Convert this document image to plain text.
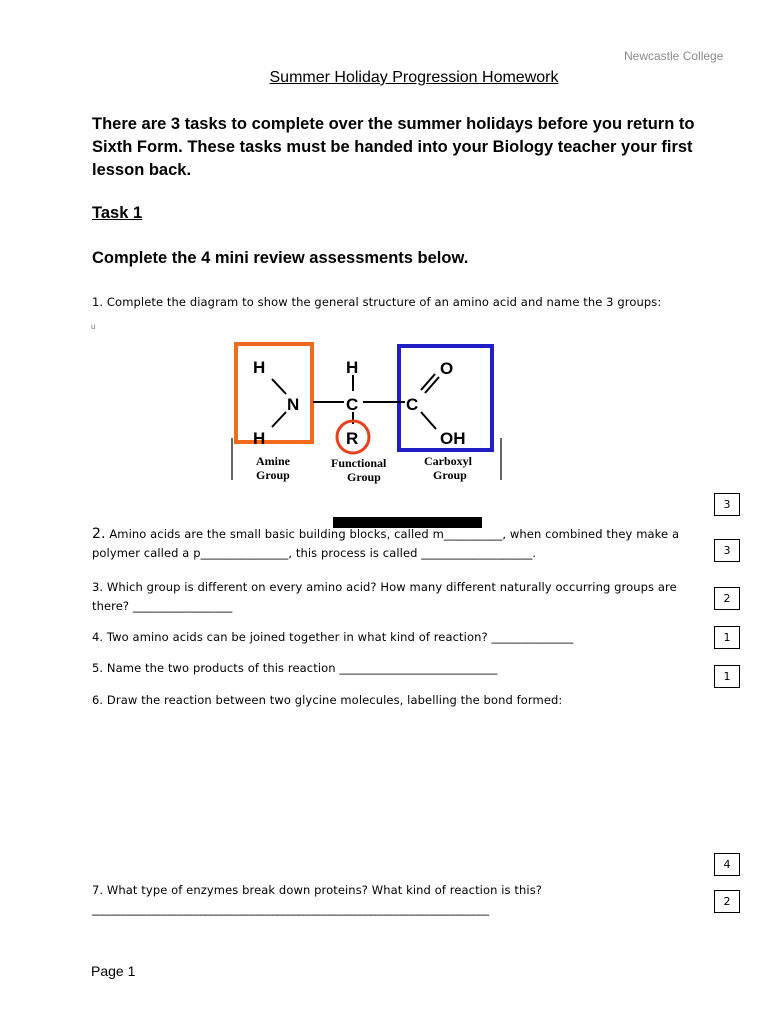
Newcastle College
Summer Holiday Progression Homework
There are 3 tasks to complete over the summer holidays before you return to Sixth Form. These tasks must be handed into your Biology teacher your first lesson back.
Task 1
Complete the 4 mini review assessments below.
1. Complete the diagram to show the general structure of an amino acid and name the 3 groups:
u
H
N
H
H
C
R
C
O
OH
Amine
Group
Functional
Group
Carboxyl
Group
2. Amino acids are the small basic building blocks, called m__________, when combined they make a
polymer called a p_______________, this process is called ___________________.
3. Which group is different on every amino acid? How many different naturally occurring groups are
there? _________________
4. Two amino acids can be joined together in what kind of reaction? ______________
5. Name the two products of this reaction ___________________________
6. Draw the reaction between two glycine molecules, labelling the bond formed:
7. What type of enzymes break down proteins? What kind of reaction is this?
_____________________________________________________________________________
3
3
2
1
1
4
2
Page 1
